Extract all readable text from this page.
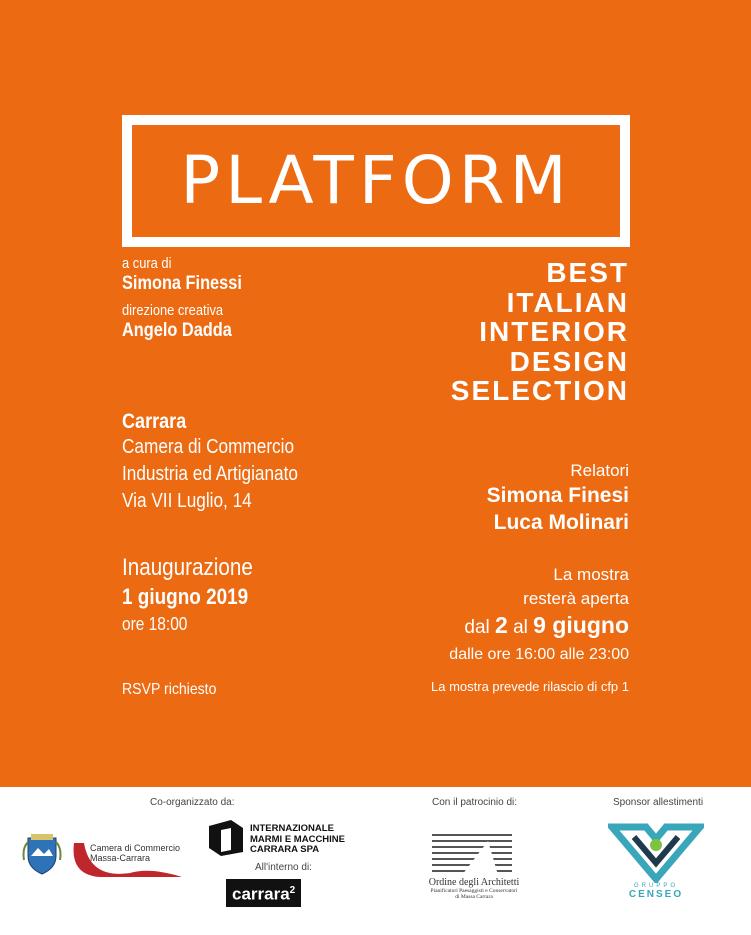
PLATFORM
a cura di
Simona Finessi
direzione creativa
Angelo Dadda
Carrara
Camera di Commercio
Industria ed Artigianato
Via VII Luglio, 14
Inaugurazione
1 giugno 2019
ore 18:00
RSVP richiesto
BEST
ITALIAN
INTERIOR
DESIGN
SELECTION
Relatori
Simona Finesi
Luca Molinari
La mostra
resterà aperta
dal 2 al 9 giugno
dalle ore 16:00 alle 23:00
La mostra prevede rilascio di cfp 1
Co-organizzato da:
Camera di Commercio
Massa-Carrara
INTERNAZIONALE
MARMI E MACCHINE
CARRARA SPA
All'interno di:
carrara$^2$
Con il patrocinio di:
Ordine degli Architetti
Pianificatori Paesaggisti e Conservatori
di Massa Carrara
Sponsor allestimenti
GRUPPO
CENSEO
